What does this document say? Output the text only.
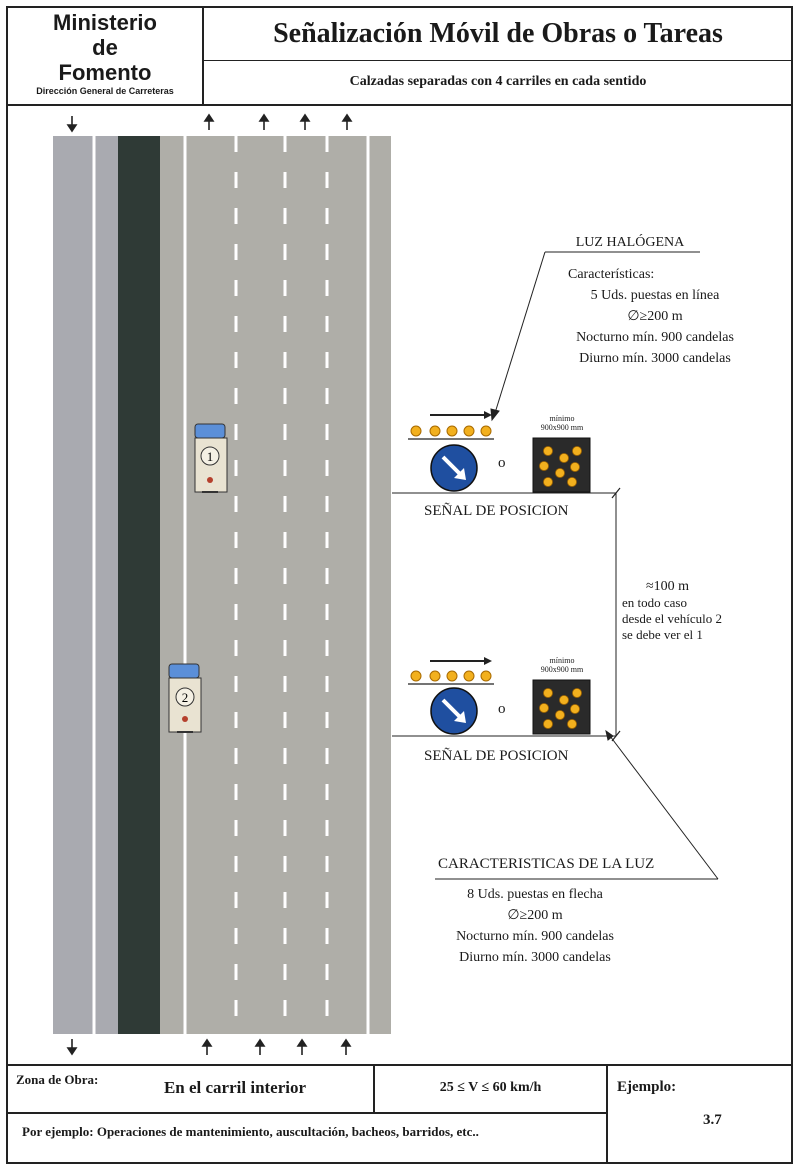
Ministerio
de
Fomento
Dirección General de Carreteras
Señalización Móvil de Obras o Tareas
Calzadas separadas con 4 carriles en cada sentido
1
2
LUZ HALÓGENA
Características:
5 Uds. puestas en línea
∅≥200 m
Nocturno mín. 900 candelas
Diurno mín. 3000 candelas
mínimo
900x900 mm
o
SEÑAL DE POSICION
≈100 m
en todo caso
desde el vehículo 2
se debe ver el 1
mínimo
900x900 mm
o
SEÑAL DE POSICION
CARACTERISTICAS DE LA LUZ
8 Uds. puestas en flecha
∅≥200 m
Nocturno mín. 900 candelas
Diurno mín. 3000 candelas
Zona de Obra:	En el carril interior	25 ≤ V ≤ 60 km/h	Ejemplo:
3.7
Por ejemplo: Operaciones de mantenimiento, auscultación, bacheos, barridos, etc..
